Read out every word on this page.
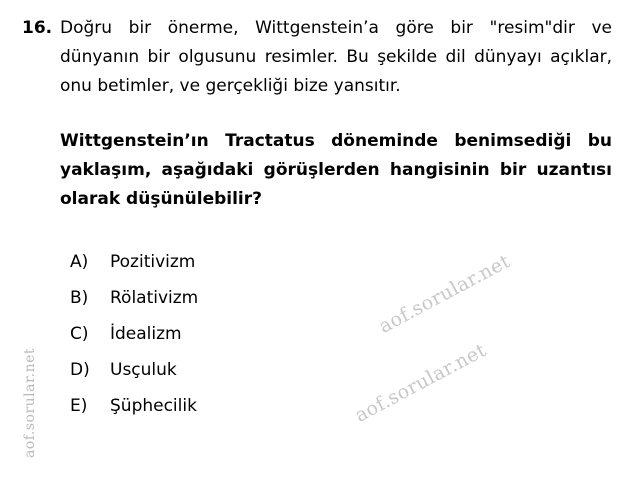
aof.sorular.net
16. Doğru bir önerme, Wittgenstein’a göre bir "resim"dir ve dünyanın bir olgusunu resimler. Bu şekilde dil dünyayı açıklar, onu betimler, ve gerçekliği bize yansıtır.
Wittgenstein’ın Tractatus döneminde benimsediği bu yaklaşım, aşağıdaki görüşlerden hangisinin bir uzantısı olarak düşünülebilir?
A)	Pozitivizm
B)	Rölativizm
C)	İdealizm
D)	Usçuluk
E)	Şüphecilik
aof.sorular.net
aof.sorular.net
